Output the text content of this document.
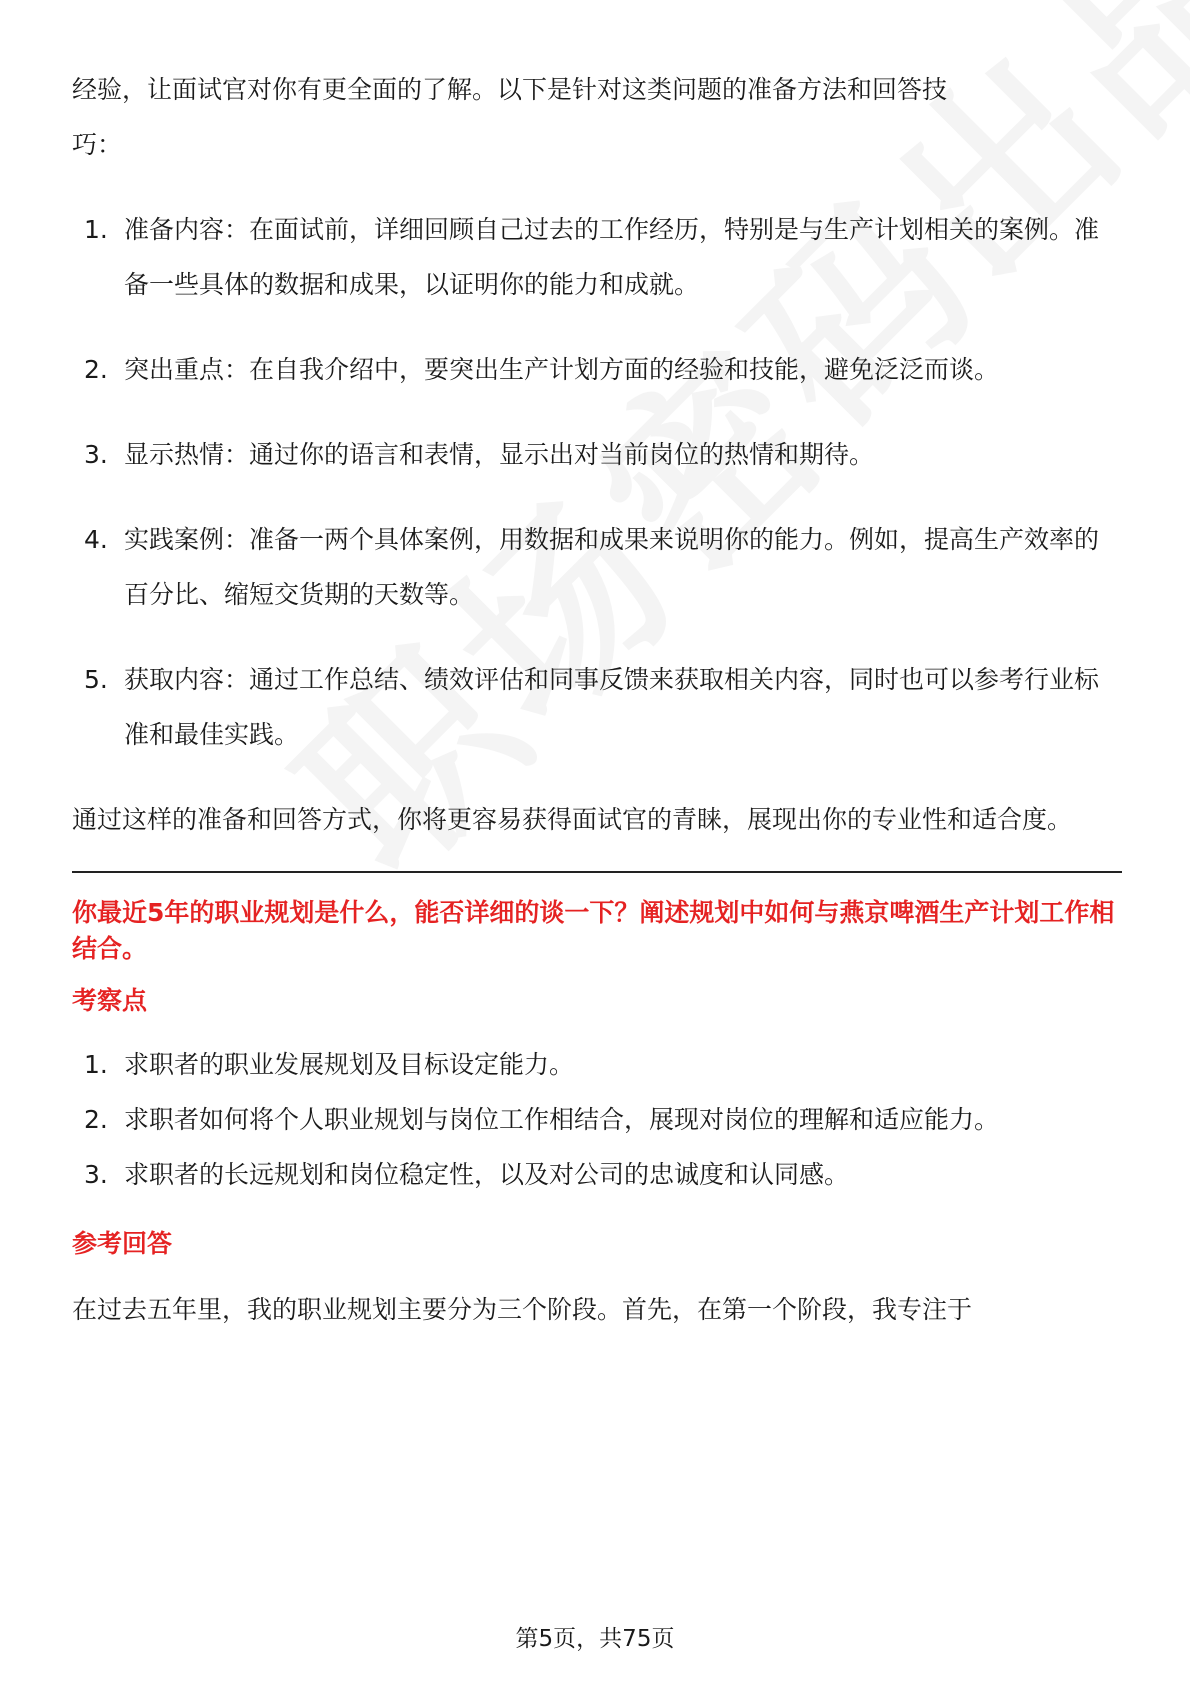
经验，让面试官对你有更全面的了解。以下是针对这类问题的准备方法和回答技

巧：

1. 准备内容：在面试前，详细回顾自己过去的工作经历，特别是与生产计划相关的案例。准备一些具体的数据和成果，以证明你的能力和成就。
2. 突出重点：在自我介绍中，要突出生产计划方面的经验和技能，避免泛泛而谈。
3. 显示热情：通过你的语言和表情，显示出对当前岗位的热情和期待。
4. 实践案例：准备一两个具体案例，用数据和成果来说明你的能力。例如，提高生产效率的百分比、缩短交货期的天数等。
5. 获取内容：通过工作总结、绩效评估和同事反馈来获取相关内容，同时也可以参考行业标准和最佳实践。

通过这样的准备和回答方式，你将更容易获得面试官的青睐，展现出你的专业性和适合度。

你最近5年的职业规划是什么，能否详细的谈一下？阐述规划中如何与燕京啤酒生产计划工作相结合。
考察点
1. 求职者的职业发展规划及目标设定能力。
2. 求职者如何将个人职业规划与岗位工作相结合，展现对岗位的理解和适应能力。
3. 求职者的长远规划和岗位稳定性，以及对公司的忠诚度和认同感。
参考回答

在过去五年里，我的职业规划主要分为三个阶段。首先，在第一个阶段，我专注于

第5页，共75页
